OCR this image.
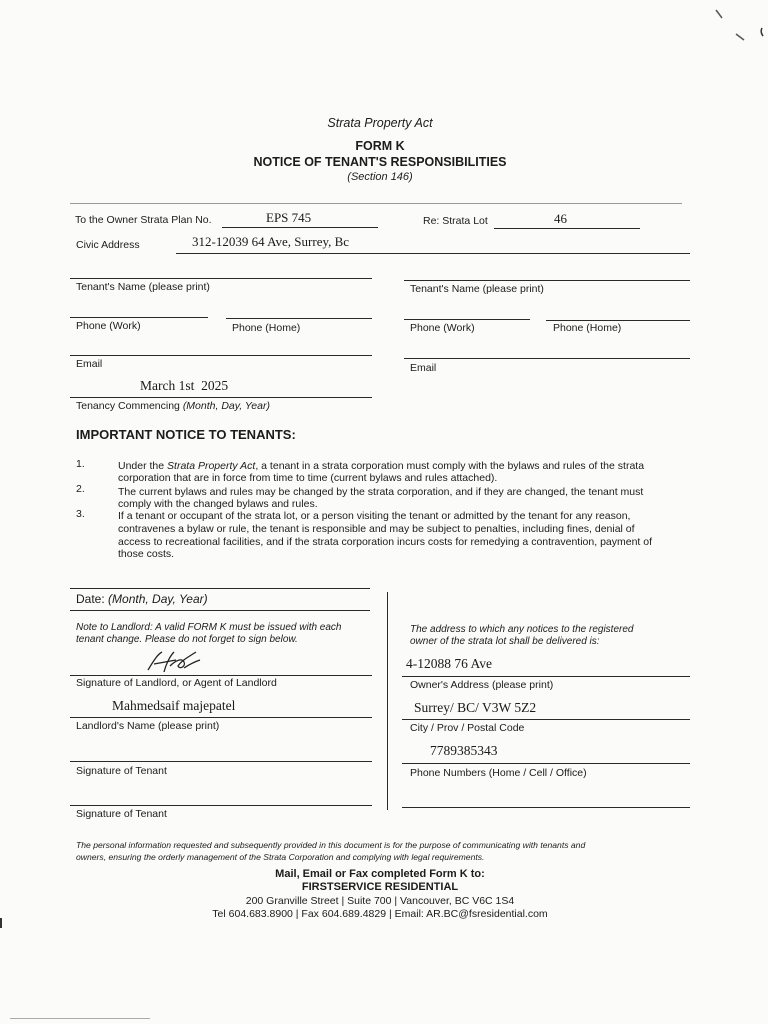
Strata Property Act
FORM K
NOTICE OF TENANT'S RESPONSIBILITIES
(Section 146)
To the Owner Strata Plan No.	EPS 745	Re: Strata Lot	46
Civic Address	312-12039 64 Ave, Surrey, Bc
Tenant's Name (please print)
Phone (Work)	Phone (Home)
Email
Tenant's Name (please print)
Phone (Work)	Phone (Home)
Email
March 1st  2025
Tenancy Commencing (Month, Day, Year)
IMPORTANT NOTICE TO TENANTS:
1.	Under the Strata Property Act, a tenant in a strata corporation must comply with the bylaws and rules of the strata
corporation that are in force from time to time (current bylaws and rules attached).
2.	The current bylaws and rules may be changed by the strata corporation, and if they are changed, the tenant must
comply with the changed bylaws and rules.
3.	If a tenant or occupant of the strata lot, or a person visiting the tenant or admitted by the tenant for any reason,
contravenes a bylaw or rule, the tenant is responsible and may be subject to penalties, including fines, denial of
access to recreational facilities, and if the strata corporation incurs costs for remedying a contravention, payment of
those costs.
Date: (Month, Day, Year)
Note to Landlord: A valid FORM K must be issued with each
tenant change. Please do not forget to sign below.
Signature of Landlord, or Agent of Landlord
Mahmedsaif majepatel
Landlord's Name (please print)
Signature of Tenant
Signature of Tenant
The address to which any notices to the registered
owner of the strata lot shall be delivered is:
4-12088 76 Ave
Owner's Address (please print)
Surrey/ BC/ V3W 5Z2
City / Prov / Postal Code
7789385343
Phone Numbers (Home / Cell / Office)
The personal information requested and subsequently provided in this document is for the purpose of communicating with tenants and
owners, ensuring the orderly management of the Strata Corporation and complying with legal requirements.
Mail, Email or Fax completed Form K to:
FIRSTSERVICE RESIDENTIAL
200 Granville Street | Suite 700 | Vancouver, BC V6C 1S4
Tel 604.683.8900 | Fax 604.689.4829 | Email: AR.BC@fsresidential.com
